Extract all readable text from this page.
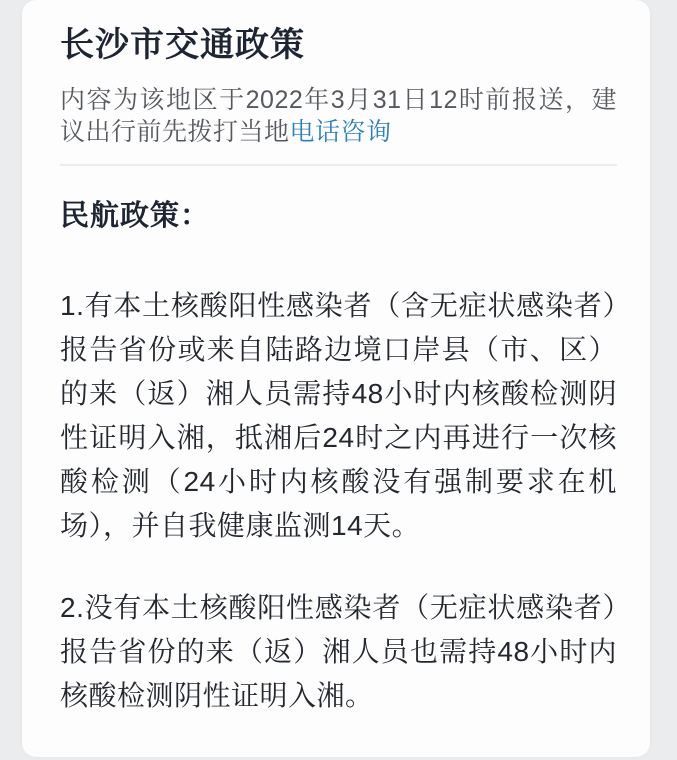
长沙市交通政策

内容为该地区于2022年3月31日12时前报送，建议出行前先拨打当地电话咨询

民航政策：

1.有本土核酸阳性感染者（含无症状感染者）报告省份或来自陆路边境口岸县（市、区）的来（返）湘人员需持48小时内核酸检测阴性证明入湘，抵湘后24时之内再进行一次核酸检测（24小时内核酸没有强制要求在机场），并自我健康监测14天。

2.没有本土核酸阳性感染者（无症状感染者）报告省份的来（返）湘人员也需持48小时内核酸检测阴性证明入湘。
